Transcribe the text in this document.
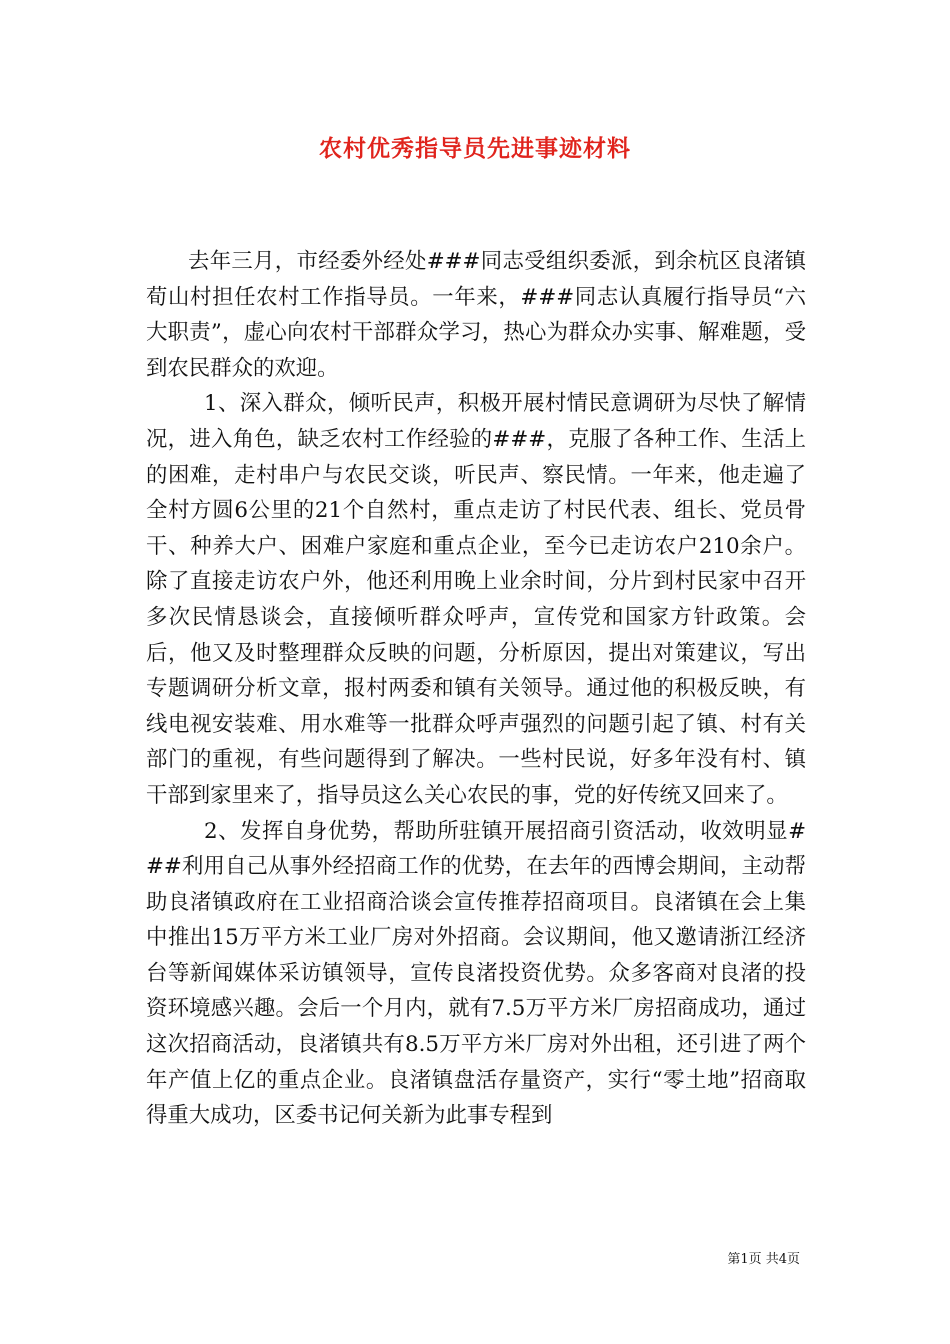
农村优秀指导员先进事迹材料

去年三月，市经委外经处###同志受组织委派，到余杭区良渚镇荀山村担任农村工作指导员。一年来，###同志认真履行指导员“六大职责”，虚心向农村干部群众学习，热心为群众办实事、解难题，受到农民群众的欢迎。

1、深入群众，倾听民声，积极开展村情民意调研为尽快了解情况，进入角色，缺乏农村工作经验的###，克服了各种工作、生活上的困难，走村串户与农民交谈，听民声、察民情。一年来，他走遍了全村方圆6公里的21个自然村，重点走访了村民代表、组长、党员骨干、种养大户、困难户家庭和重点企业，至今已走访农户210余户。除了直接走访农户外，他还利用晚上业余时间，分片到村民家中召开多次民情恳谈会，直接倾听群众呼声，宣传党和国家方针政策。会后，他又及时整理群众反映的问题，分析原因，提出对策建议，写出专题调研分析文章，报村两委和镇有关领导。通过他的积极反映，有线电视安装难、用水难等一批群众呼声强烈的问题引起了镇、村有关部门的重视，有些问题得到了解决。一些村民说，好多年没有村、镇干部到家里来了，指导员这么关心农民的事，党的好传统又回来了。

2、发挥自身优势，帮助所驻镇开展招商引资活动，收效明显###利用自己从事外经招商工作的优势，在去年的西博会期间，主动帮助良渚镇政府在工业招商洽谈会宣传推荐招商项目。良渚镇在会上集中推出15万平方米工业厂房对外招商。会议期间，他又邀请浙江经济台等新闻媒体采访镇领导，宣传良渚投资优势。众多客商对良渚的投资环境感兴趣。会后一个月内，就有7.5万平方米厂房招商成功，通过这次招商活动，良渚镇共有8.5万平方米厂房对外出租，还引进了两个年产值上亿的重点企业。良渚镇盘活存量资产，实行“零土地”招商取得重大成功，区委书记何关新为此事专程到

第1页 共4页
